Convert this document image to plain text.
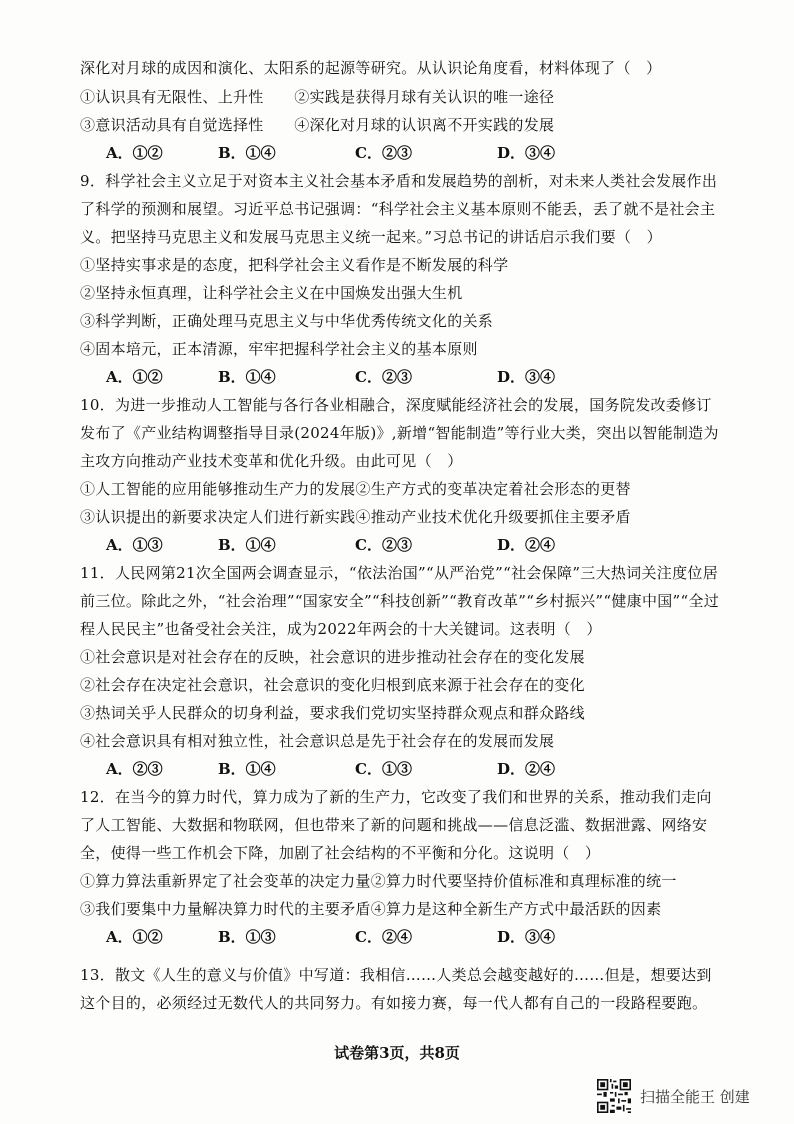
深化对月球的成因和演化、太阳系的起源等研究。从认识论角度看，材料体现了（　）
①认识具有无限性、上升性　　②实践是获得月球有关认识的唯一途径
③意识活动具有自觉选择性　　④深化对月球的认识离不开实践的发展
A．①②	B．①④	C．②③	D．③④
9．科学社会主义立足于对资本主义社会基本矛盾和发展趋势的剖析，对未来人类社会发展作出
了科学的预测和展望。习近平总书记强调：“科学社会主义基本原则不能丢，丢了就不是社会主
义。把坚持马克思主义和发展马克思主义统一起来。”习总书记的讲话启示我们要（　）
①坚持实事求是的态度，把科学社会主义看作是不断发展的科学
②坚持永恒真理，让科学社会主义在中国焕发出强大生机
③科学判断，正确处理马克思主义与中华优秀传统文化的关系
④固本培元，正本清源，牢牢把握科学社会主义的基本原则
A．①②	B．①④	C．②③	D．③④
10．为进一步推动人工智能与各行各业相融合，深度赋能经济社会的发展，国务院发改委修订
发布了《产业结构调整指导目录(2024年版)》,新增“智能制造”等行业大类，突出以智能制造为
主攻方向推动产业技术变革和优化升级。由此可见（　）
①人工智能的应用能够推动生产力的发展②生产方式的变革决定着社会形态的更替
③认识提出的新要求决定人们进行新实践④推动产业技术优化升级要抓住主要矛盾
A．①③	B．①④	C．②③	D．②④
11．人民网第21次全国两会调查显示，“依法治国”“从严治党”“社会保障”三大热词关注度位居
前三位。除此之外，“社会治理”“国家安全”“科技创新”“教育改革”“乡村振兴”“健康中国”“全过
程人民民主”也备受社会关注，成为2022年两会的十大关键词。这表明（　）
①社会意识是对社会存在的反映，社会意识的进步推动社会存在的变化发展
②社会存在决定社会意识，社会意识的变化归根到底来源于社会存在的变化
③热词关乎人民群众的切身利益，要求我们党切实坚持群众观点和群众路线
④社会意识具有相对独立性，社会意识总是先于社会存在的发展而发展
A．②③	B．①④	C．①③	D．②④
12．在当今的算力时代，算力成为了新的生产力，它改变了我们和世界的关系，推动我们走向
了人工智能、大数据和物联网，但也带来了新的问题和挑战——信息泛滥、数据泄露、网络安
全，使得一些工作机会下降，加剧了社会结构的不平衡和分化。这说明（　）
①算力算法重新界定了社会变革的决定力量②算力时代要坚持价值标准和真理标准的统一
③我们要集中力量解决算力时代的主要矛盾④算力是这种全新生产方式中最活跃的因素
A．①②	B．①③	C．②④	D．③④
13．散文《人生的意义与价值》中写道：我相信……人类总会越变越好的……但是，想要达到
这个目的，必须经过无数代人的共同努力。有如接力赛，每一代人都有自己的一段路程要跑。
试卷第3页，共8页
扫描全能王 创建
